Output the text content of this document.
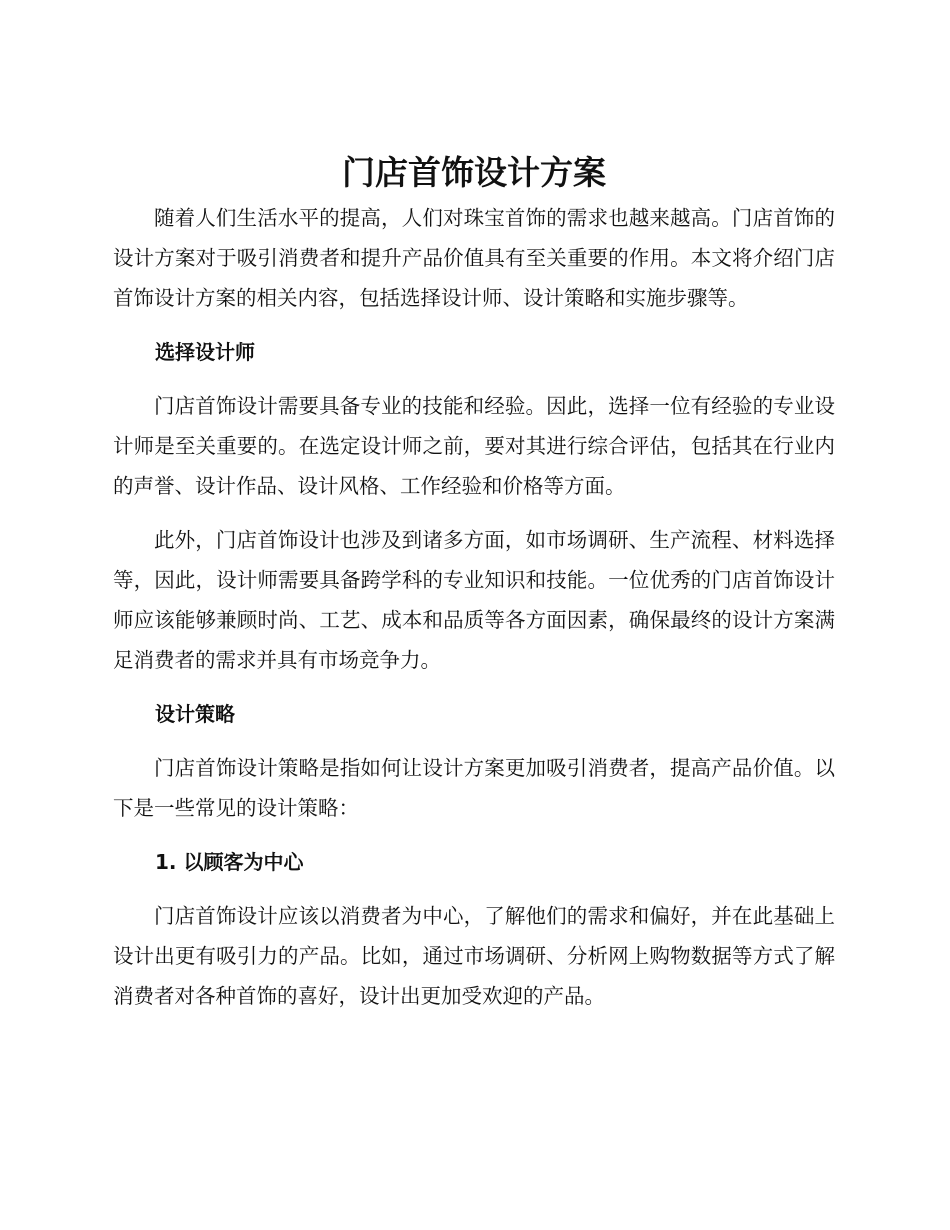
门店首饰设计方案

随着人们生活水平的提高，人们对珠宝首饰的需求也越来越高。门店首饰的设计方案对于吸引消费者和提升产品价值具有至关重要的作用。本文将介绍门店首饰设计方案的相关内容，包括选择设计师、设计策略和实施步骤等。

选择设计师

门店首饰设计需要具备专业的技能和经验。因此，选择一位有经验的专业设计师是至关重要的。在选定设计师之前，要对其进行综合评估，包括其在行业内的声誉、设计作品、设计风格、工作经验和价格等方面。

此外，门店首饰设计也涉及到诸多方面，如市场调研、生产流程、材料选择等，因此，设计师需要具备跨学科的专业知识和技能。一位优秀的门店首饰设计师应该能够兼顾时尚、工艺、成本和品质等各方面因素，确保最终的设计方案满足消费者的需求并具有市场竞争力。

设计策略

门店首饰设计策略是指如何让设计方案更加吸引消费者，提高产品价值。以下是一些常见的设计策略：

1. 以顾客为中心

门店首饰设计应该以消费者为中心，了解他们的需求和偏好，并在此基础上设计出更有吸引力的产品。比如，通过市场调研、分析网上购物数据等方式了解消费者对各种首饰的喜好，设计出更加受欢迎的产品。
